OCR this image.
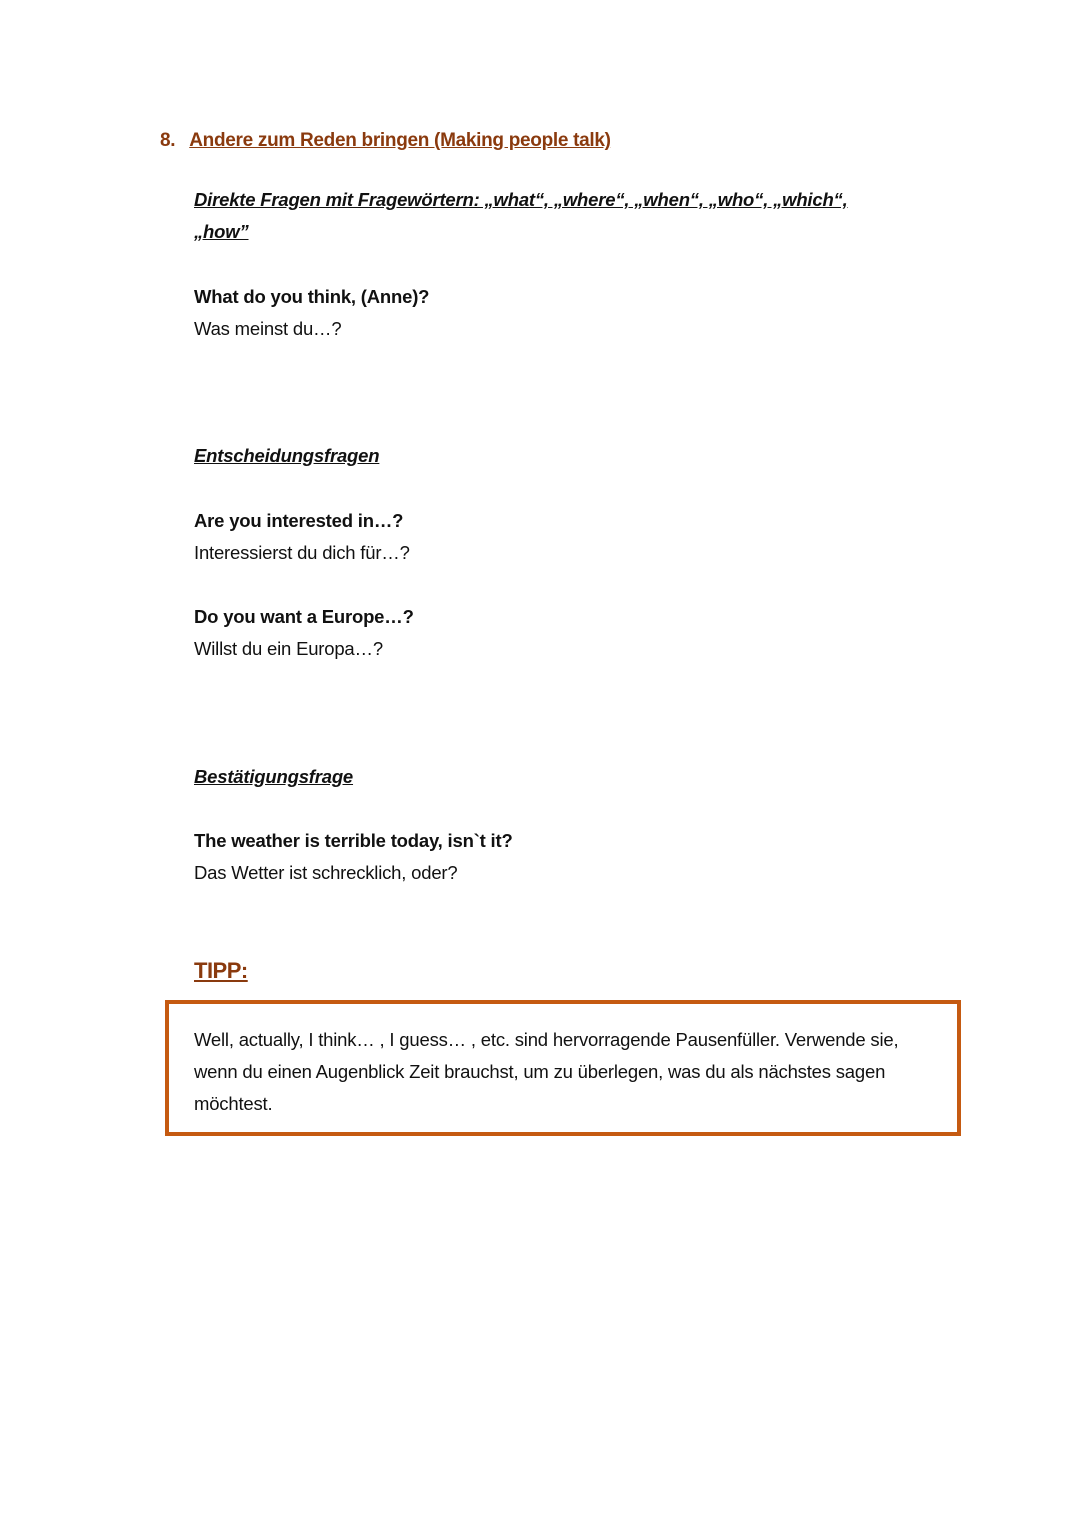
8. Andere zum Reden bringen (Making people talk)
Direkte Fragen mit Fragewörtern: „what“, „where“, „when“, „who“, „which“,
„how”
What do you think, (Anne)?
Was meinst du…?
Entscheidungsfragen
Are you interested in…?
Interessierst du dich für…?
Do you want a Europe…?
Willst du ein Europa…?
Bestätigungsfrage
The weather is terrible today, isn`t it?
Das Wetter ist schrecklich, oder?
TIPP:

Well, actually, I think… , I guess… , etc. sind hervorragende Pausenfüller. Verwende sie, wenn du einen Augenblick Zeit brauchst, um zu überlegen, was du als nächstes sagen möchtest.
